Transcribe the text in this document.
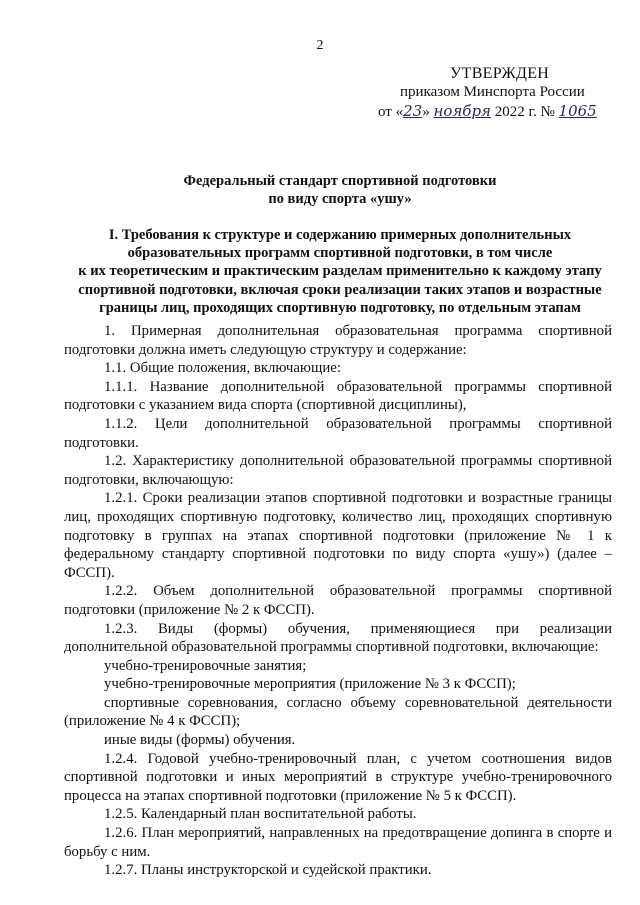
2
УТВЕРЖДЕН
приказом Минспорта России
от «23» ноября 2022 г. № 1065
Федеральный стандарт спортивной подготовки
по виду спорта «ушу»
I. Требования к структуре и содержанию примерных дополнительных
образовательных программ спортивной подготовки, в том числе
к их теоретическим и практическим разделам применительно к каждому этапу
спортивной подготовки, включая сроки реализации таких этапов и возрастные
границы лиц, проходящих спортивную подготовку, по отдельным этапам

1. Примерная дополнительная образовательная программа спортивной подготовки должна иметь следующую структуру и содержание:

1.1. Общие положения, включающие:

1.1.1. Название дополнительной образовательной программы спортивной подготовки с указанием вида спорта (спортивной дисциплины),

1.1.2. Цели дополнительной образовательной программы спортивной подготовки.

1.2. Характеристику дополнительной образовательной программы спортивной подготовки, включающую:

1.2.1. Сроки реализации этапов спортивной подготовки и возрастные границы лиц, проходящих спортивную подготовку, количество лиц, проходящих спортивную подготовку в группах на этапах спортивной подготовки (приложение № 1 к федеральному стандарту спортивной подготовки по виду спорта «ушу») (далее – ФССП).

1.2.2. Объем дополнительной образовательной программы спортивной подготовки (приложение № 2 к ФССП).

1.2.3. Виды (формы) обучения, применяющиеся при реализации дополнительной образовательной программы спортивной подготовки, включающие:

учебно-тренировочные занятия;

учебно-тренировочные мероприятия (приложение № 3 к ФССП);

спортивные соревнования, согласно объему соревновательной деятельности (приложение № 4 к ФССП);

иные виды (формы) обучения.

1.2.4. Годовой учебно-тренировочный план, с учетом соотношения видов спортивной подготовки и иных мероприятий в структуре учебно-тренировочного процесса на этапах спортивной подготовки (приложение № 5 к ФССП).

1.2.5. Календарный план воспитательной работы.

1.2.6. План мероприятий, направленных на предотвращение допинга в спорте и борьбу с ним.

1.2.7. Планы инструкторской и судейской практики.
